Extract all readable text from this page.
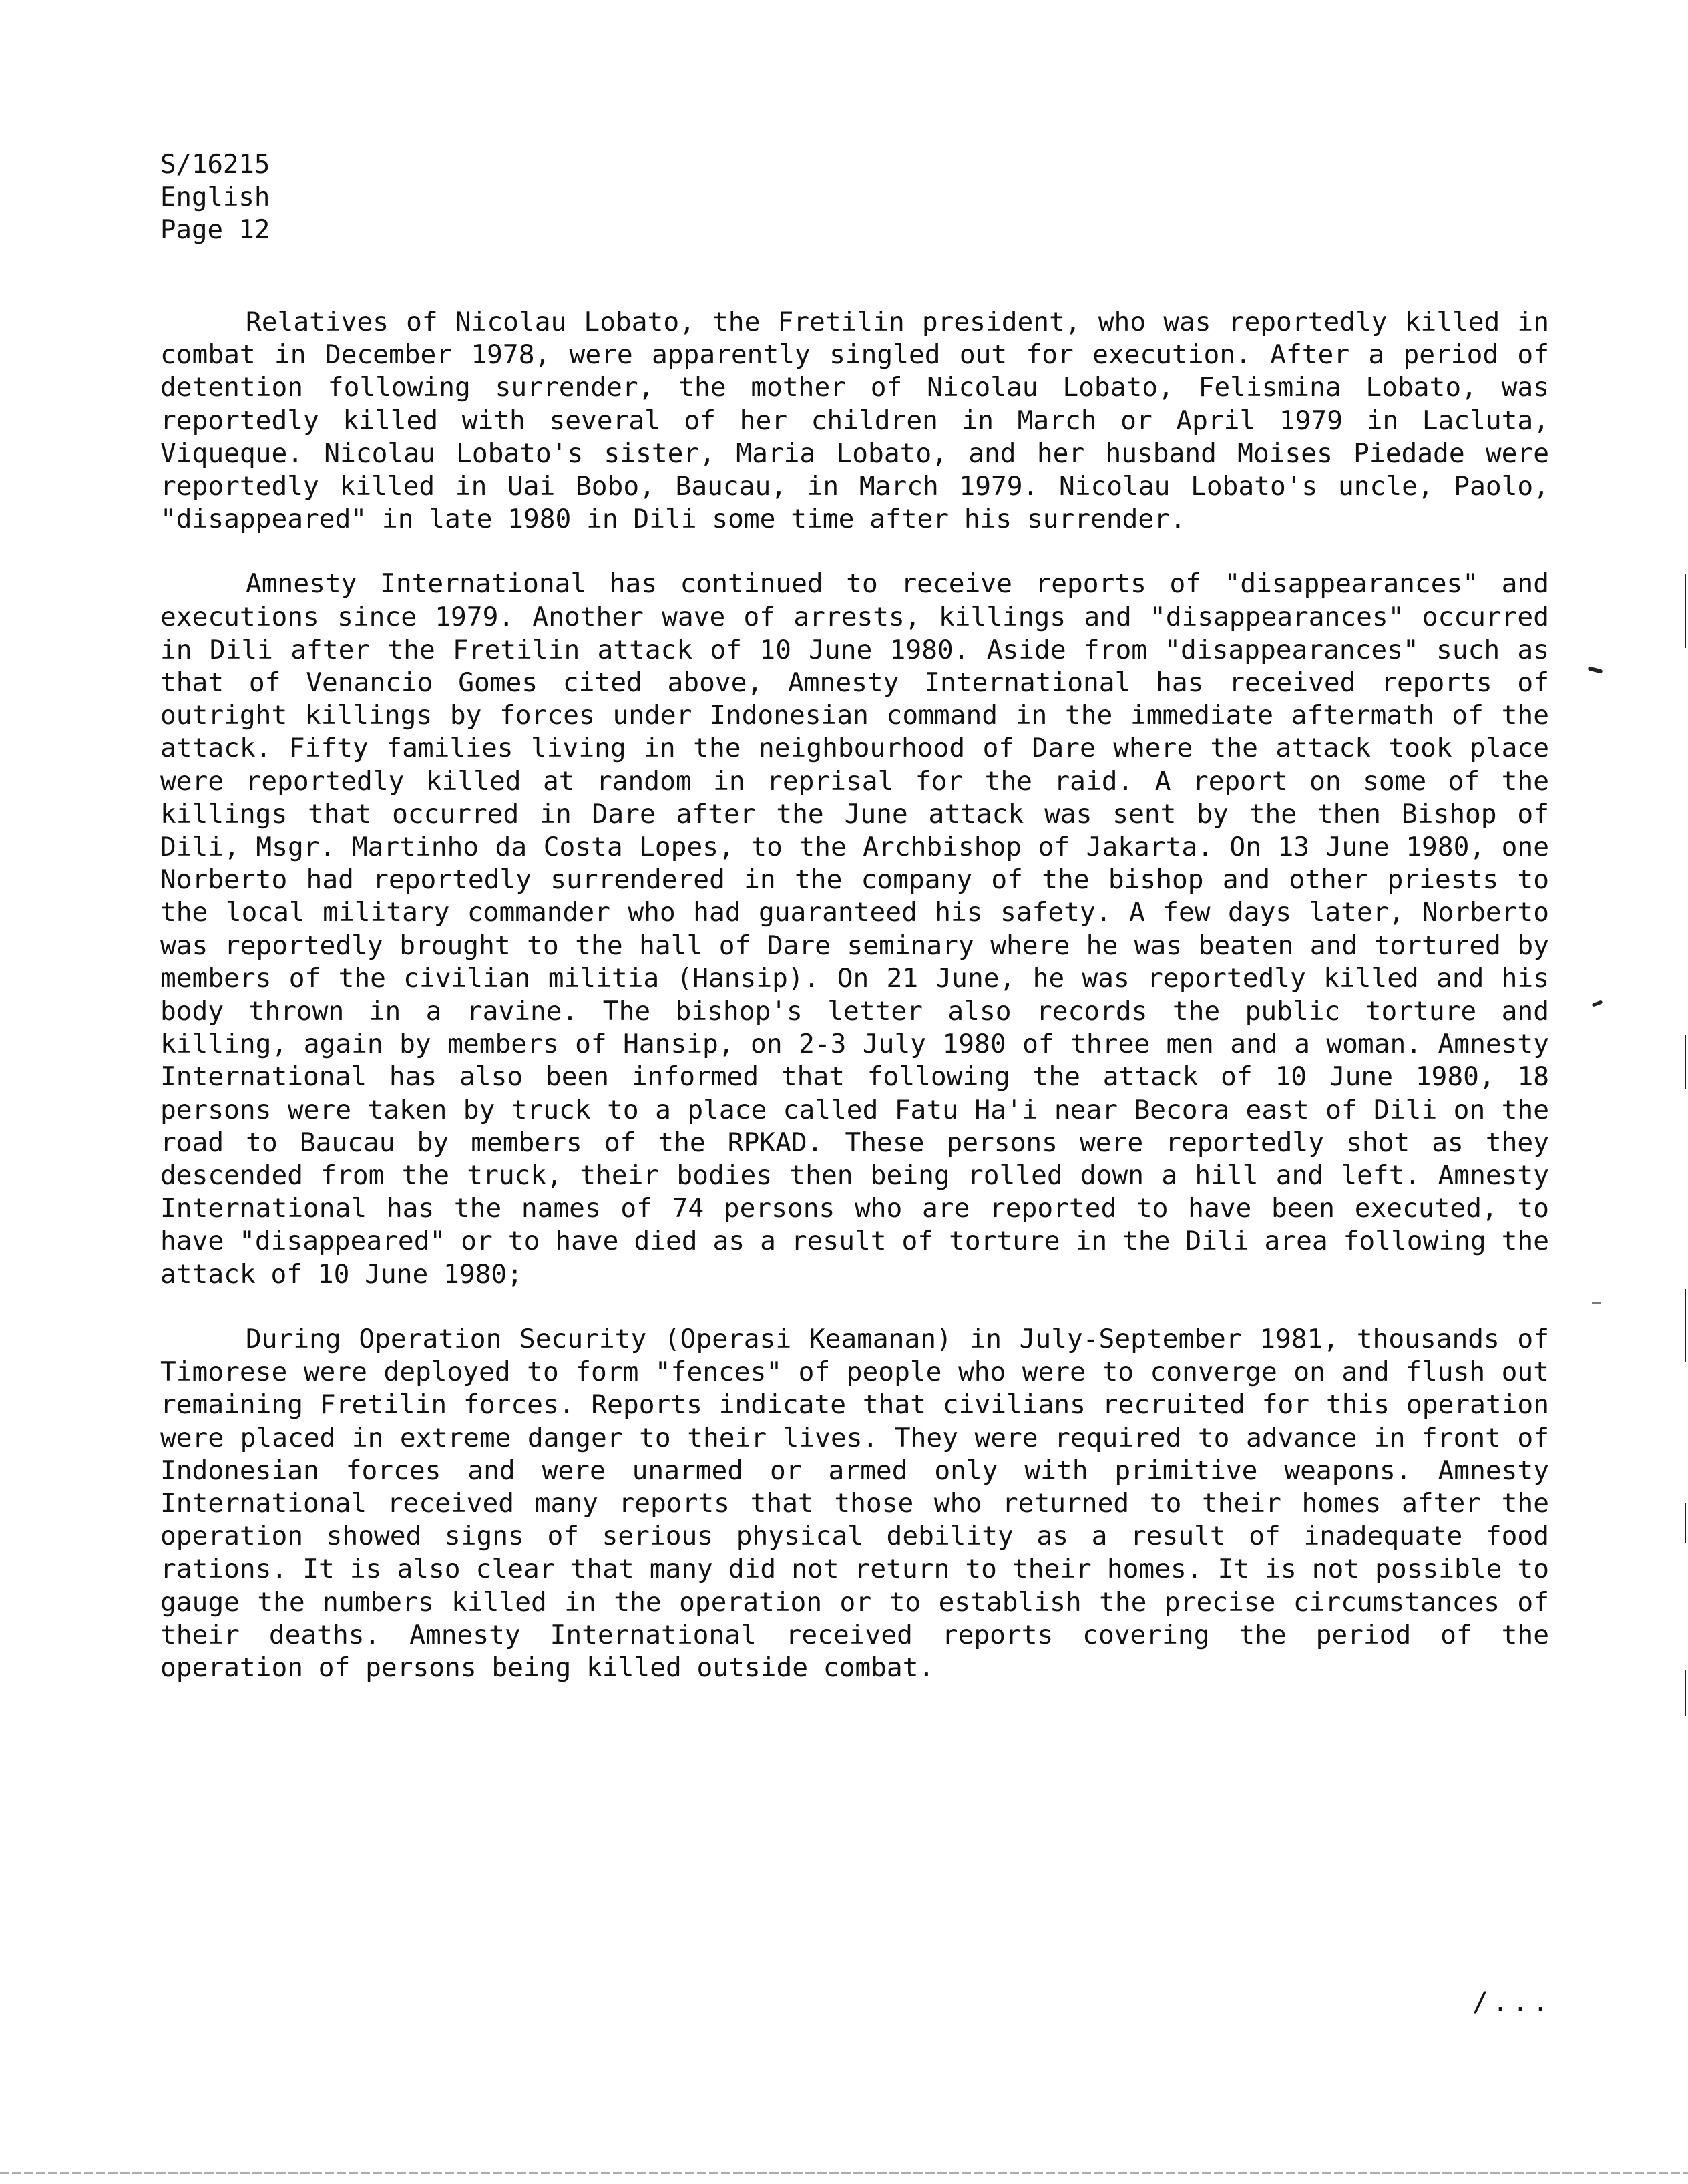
S/16215
English
Page 12

Relatives of Nicolau Lobato, the Fretilin president, who was reportedly killed in combat in December 1978, were apparently singled out for execution. After a period of detention following surrender, the mother of Nicolau Lobato, Felismina Lobato, was reportedly killed with several of her children in March or April 1979 in Lacluta, Viqueque. Nicolau Lobato's sister, Maria Lobato, and her husband Moises Piedade were reportedly killed in Uai Bobo, Baucau, in March 1979. Nicolau Lobato's uncle, Paolo, "disappeared" in late 1980 in Dili some time after his surrender.

Amnesty International has continued to receive reports of "disappearances" and executions since 1979. Another wave of arrests, killings and "disappearances" occurred in Dili after the Fretilin attack of 10 June 1980. Aside from "disappearances" such as that of Venancio Gomes cited above, Amnesty International has received reports of outright killings by forces under Indonesian command in the immediate aftermath of the attack. Fifty families living in the neighbourhood of Dare where the attack took place were reportedly killed at random in reprisal for the raid. A report on some of the killings that occurred in Dare after the June attack was sent by the then Bishop of Dili, Msgr. Martinho da Costa Lopes, to the Archbishop of Jakarta. On 13 June 1980, one Norberto had reportedly surrendered in the company of the bishop and other priests to the local military commander who had guaranteed his safety. A few days later, Norberto was reportedly brought to the hall of Dare seminary where he was beaten and tortured by members of the civilian militia (Hansip). On 21 June, he was reportedly killed and his body thrown in a ravine. The bishop's letter also records the public torture and killing, again by members of Hansip, on 2-3 July 1980 of three men and a woman. Amnesty International has also been informed that following the attack of 10 June 1980, 18 persons were taken by truck to a place called Fatu Ha'i near Becora east of Dili on the road to Baucau by members of the RPKAD. These persons were reportedly shot as they descended from the truck, their bodies then being rolled down a hill and left. Amnesty International has the names of 74 persons who are reported to have been executed, to have "disappeared" or to have died as a result of torture in the Dili area following the attack of 10 June 1980;

During Operation Security (Operasi Keamanan) in July-September 1981, thousands of Timorese were deployed to form "fences" of people who were to converge on and flush out remaining Fretilin forces. Reports indicate that civilians recruited for this operation were placed in extreme danger to their lives. They were required to advance in front of Indonesian forces and were unarmed or armed only with primitive weapons. Amnesty International received many reports that those who returned to their homes after the operation showed signs of serious physical debility as a result of inadequate food rations. It is also clear that many did not return to their homes. It is not possible to gauge the numbers killed in the operation or to establish the precise circumstances of their deaths. Amnesty International received reports covering the period of the operation of persons being killed outside combat.

/...
